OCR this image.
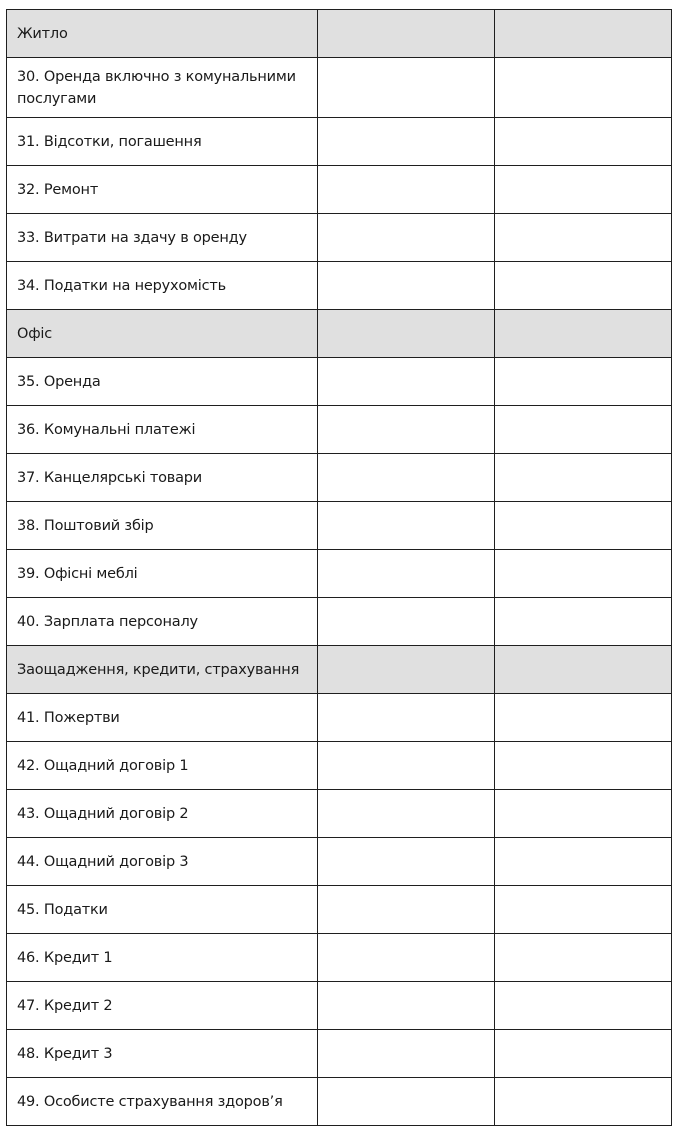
Житло		
30. Оренда включно з комунальними послугами		
31. Відсотки, погашення		
32. Ремонт		
33. Витрати на здачу в оренду		
34. Податки на нерухомість		
Офіс		
35. Оренда		
36. Комунальні платежі		
37. Канцелярські товари		
38. Поштовий збір		
39. Офісні меблі		
40. Зарплата персоналу		
Заощадження, кредити, страхування		
41. Пожертви		
42. Ощадний договір 1		
43. Ощадний договір 2		
44. Ощадний договір 3		
45. Податки		
46. Кредит 1		
47. Кредит 2		
48. Кредит 3		
49. Особисте страхування здоров’я		
